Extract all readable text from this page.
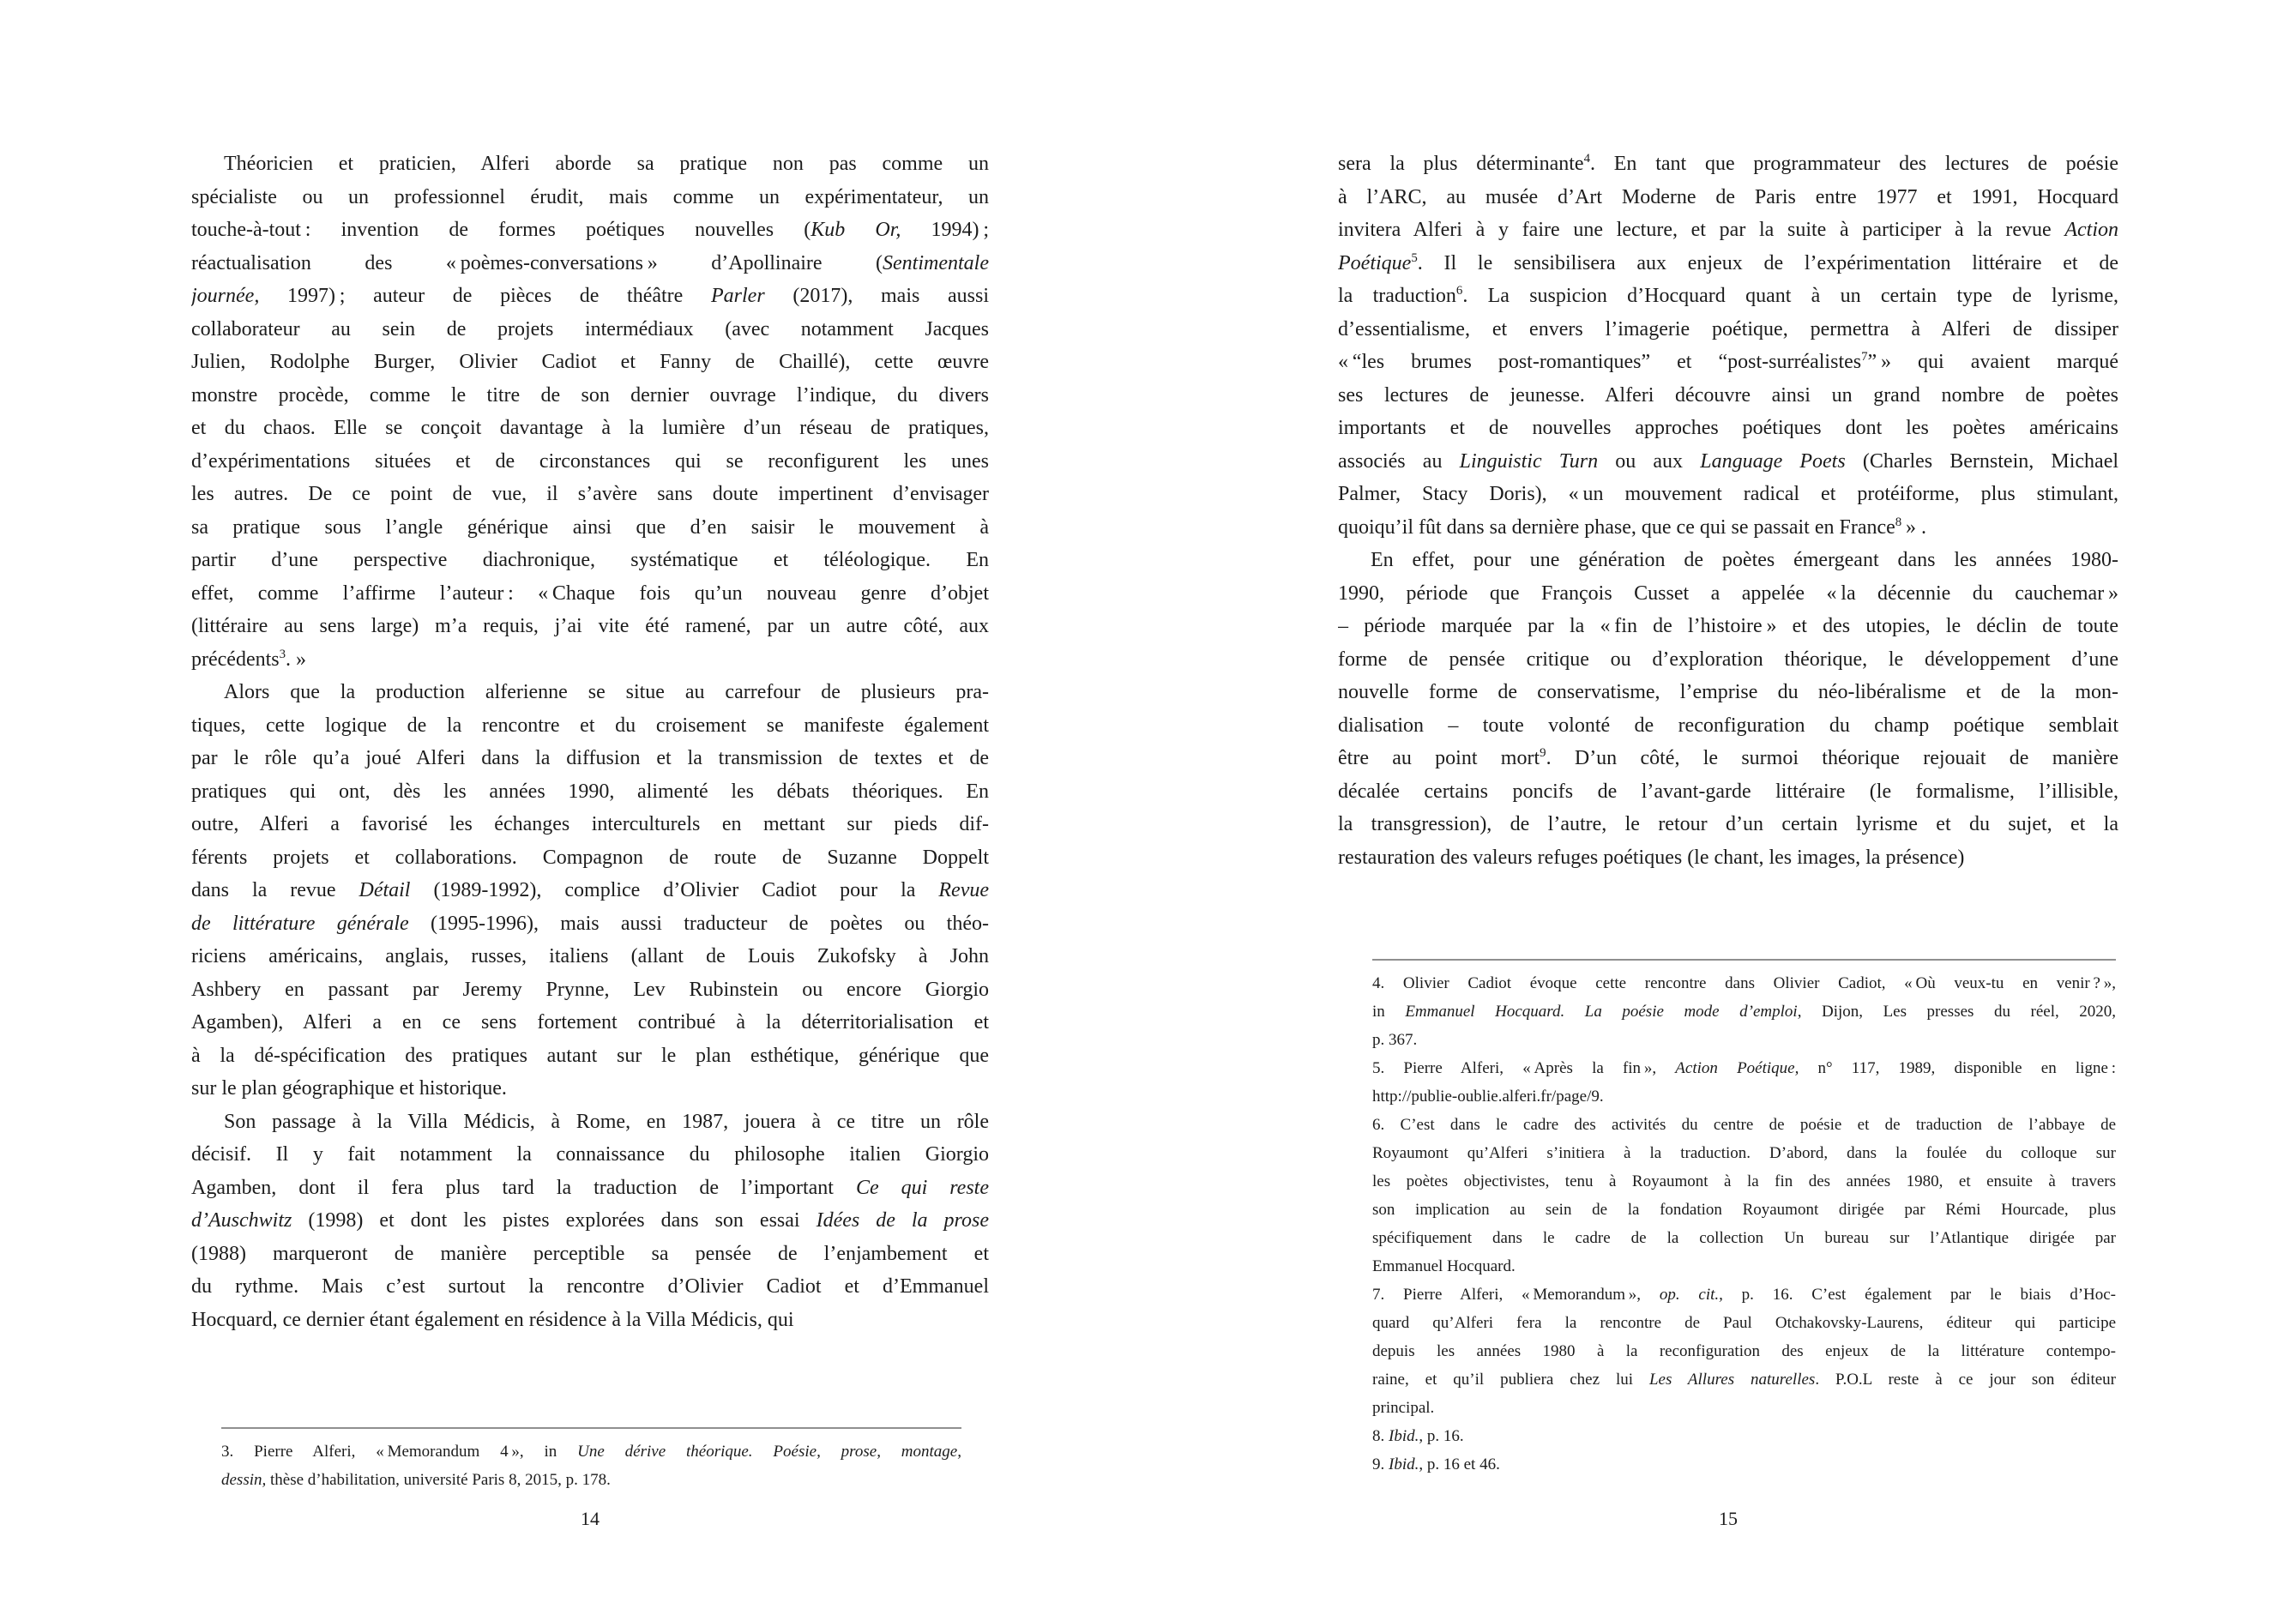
Théoricien et praticien, Alferi aborde sa pratique non pas comme un
spécialiste ou un professionnel érudit, mais comme un expérimentateur, un
touche-à-tout : invention de formes poétiques nouvelles (Kub Or, 1994) ;
réactualisation des « poèmes-conversations » d’Apollinaire (Sentimentale
journée, 1997) ; auteur de pièces de théâtre Parler (2017), mais aussi
collaborateur au sein de projets intermédiaux (avec notamment Jacques
Julien, Rodolphe Burger, Olivier Cadiot et Fanny de Chaillé), cette œuvre
monstre procède, comme le titre de son dernier ouvrage l’indique, du divers
et du chaos. Elle se conçoit davantage à la lumière d’un réseau de pratiques,
d’expérimentations situées et de circonstances qui se reconfigurent les unes
les autres. De ce point de vue, il s’avère sans doute impertinent d’envisager
sa pratique sous l’angle générique ainsi que d’en saisir le mouvement à
partir d’une perspective diachronique, systématique et téléologique. En
effet, comme l’affirme l’auteur : « Chaque fois qu’un nouveau genre d’objet
(littéraire au sens large) m’a requis, j’ai vite été ramené, par un autre côté, aux
précédents$^3$. »
Alors que la production alferienne se situe au carrefour de plusieurs pra-
tiques, cette logique de la rencontre et du croisement se manifeste également
par le rôle qu’a joué Alferi dans la diffusion et la transmission de textes et de
pratiques qui ont, dès les années 1990, alimenté les débats théoriques. En
outre, Alferi a favorisé les échanges interculturels en mettant sur pieds dif-
férents projets et collaborations. Compagnon de route de Suzanne Doppelt
dans la revue Détail (1989-1992), complice d’Olivier Cadiot pour la Revue
de littérature générale (1995-1996), mais aussi traducteur de poètes ou théo-
riciens américains, anglais, russes, italiens (allant de Louis Zukofsky à John
Ashbery en passant par Jeremy Prynne, Lev Rubinstein ou encore Giorgio
Agamben), Alferi a en ce sens fortement contribué à la déterritorialisation et
à la dé-spécification des pratiques autant sur le plan esthétique, générique que
sur le plan géographique et historique.
Son passage à la Villa Médicis, à Rome, en 1987, jouera à ce titre un rôle
décisif. Il y fait notamment la connaissance du philosophe italien Giorgio
Agamben, dont il fera plus tard la traduction de l’important Ce qui reste
d’Auschwitz (1998) et dont les pistes explorées dans son essai Idées de la prose
(1988) marqueront de manière perceptible sa pensée de l’enjambement et
du rythme. Mais c’est surtout la rencontre d’Olivier Cadiot et d’Emmanuel
Hocquard, ce dernier étant également en résidence à la Villa Médicis, qui
3. Pierre Alferi, « Memorandum 4 », in Une dérive théorique. Poésie, prose, montage,
dessin, thèse d’habilitation, université Paris 8, 2015, p. 178.
14
sera la plus déterminante$^4$. En tant que programmateur des lectures de poésie
à l’ARC, au musée d’Art Moderne de Paris entre 1977 et 1991, Hocquard
invitera Alferi à y faire une lecture, et par la suite à participer à la revue Action
Poétique$^5$. Il le sensibilisera aux enjeux de l’expérimentation littéraire et de
la traduction$^6$. La suspicion d’Hocquard quant à un certain type de lyrisme,
d’essentialisme, et envers l’imagerie poétique, permettra à Alferi de dissiper
« “les brumes post-romantiques” et “post-surréalistes$^7$” » qui avaient marqué
ses lectures de jeunesse. Alferi découvre ainsi un grand nombre de poètes
importants et de nouvelles approches poétiques dont les poètes américains
associés au Linguistic Turn ou aux Language Poets (Charles Bernstein, Michael
Palmer, Stacy Doris), « un mouvement radical et protéiforme, plus stimulant,
quoiqu’il fût dans sa dernière phase, que ce qui se passait en France$^8$ » .
En effet, pour une génération de poètes émergeant dans les années 1980-
1990, période que François Cusset a appelée « la décennie du cauchemar »
– période marquée par la « fin de l’histoire » et des utopies, le déclin de toute
forme de pensée critique ou d’exploration théorique, le développement d’une
nouvelle forme de conservatisme, l’emprise du néo-libéralisme et de la mon-
dialisation – toute volonté de reconfiguration du champ poétique semblait
être au point mort$^9$. D’un côté, le surmoi théorique rejouait de manière
décalée certains poncifs de l’avant-garde littéraire (le formalisme, l’illisible,
la transgression), de l’autre, le retour d’un certain lyrisme et du sujet, et la
restauration des valeurs refuges poétiques (le chant, les images, la présence)
4. Olivier Cadiot évoque cette rencontre dans Olivier Cadiot, « Où veux-tu en venir ? »,
in Emmanuel Hocquard. La poésie mode d’emploi, Dijon, Les presses du réel, 2020,
p. 367.
5. Pierre Alferi, « Après la fin », Action Poétique, n° 117, 1989, disponible en ligne :
http://publie-oublie.alferi.fr/page/9.
6. C’est dans le cadre des activités du centre de poésie et de traduction de l’abbaye de
Royaumont qu’Alferi s’initiera à la traduction. D’abord, dans la foulée du colloque sur
les poètes objectivistes, tenu à Royaumont à la fin des années 1980, et ensuite à travers
son implication au sein de la fondation Royaumont dirigée par Rémi Hourcade, plus
spécifiquement dans le cadre de la collection Un bureau sur l’Atlantique dirigée par
Emmanuel Hocquard.
7. Pierre Alferi, « Memorandum », op. cit., p. 16. C’est également par le biais d’Hoc-
quard qu’Alferi fera la rencontre de Paul Otchakovsky-Laurens, éditeur qui participe
depuis les années 1980 à la reconfiguration des enjeux de la littérature contempo-
raine, et qu’il publiera chez lui Les Allures naturelles. P.O.L reste à ce jour son éditeur
principal.
8. Ibid., p. 16.
9. Ibid., p. 16 et 46.
15
